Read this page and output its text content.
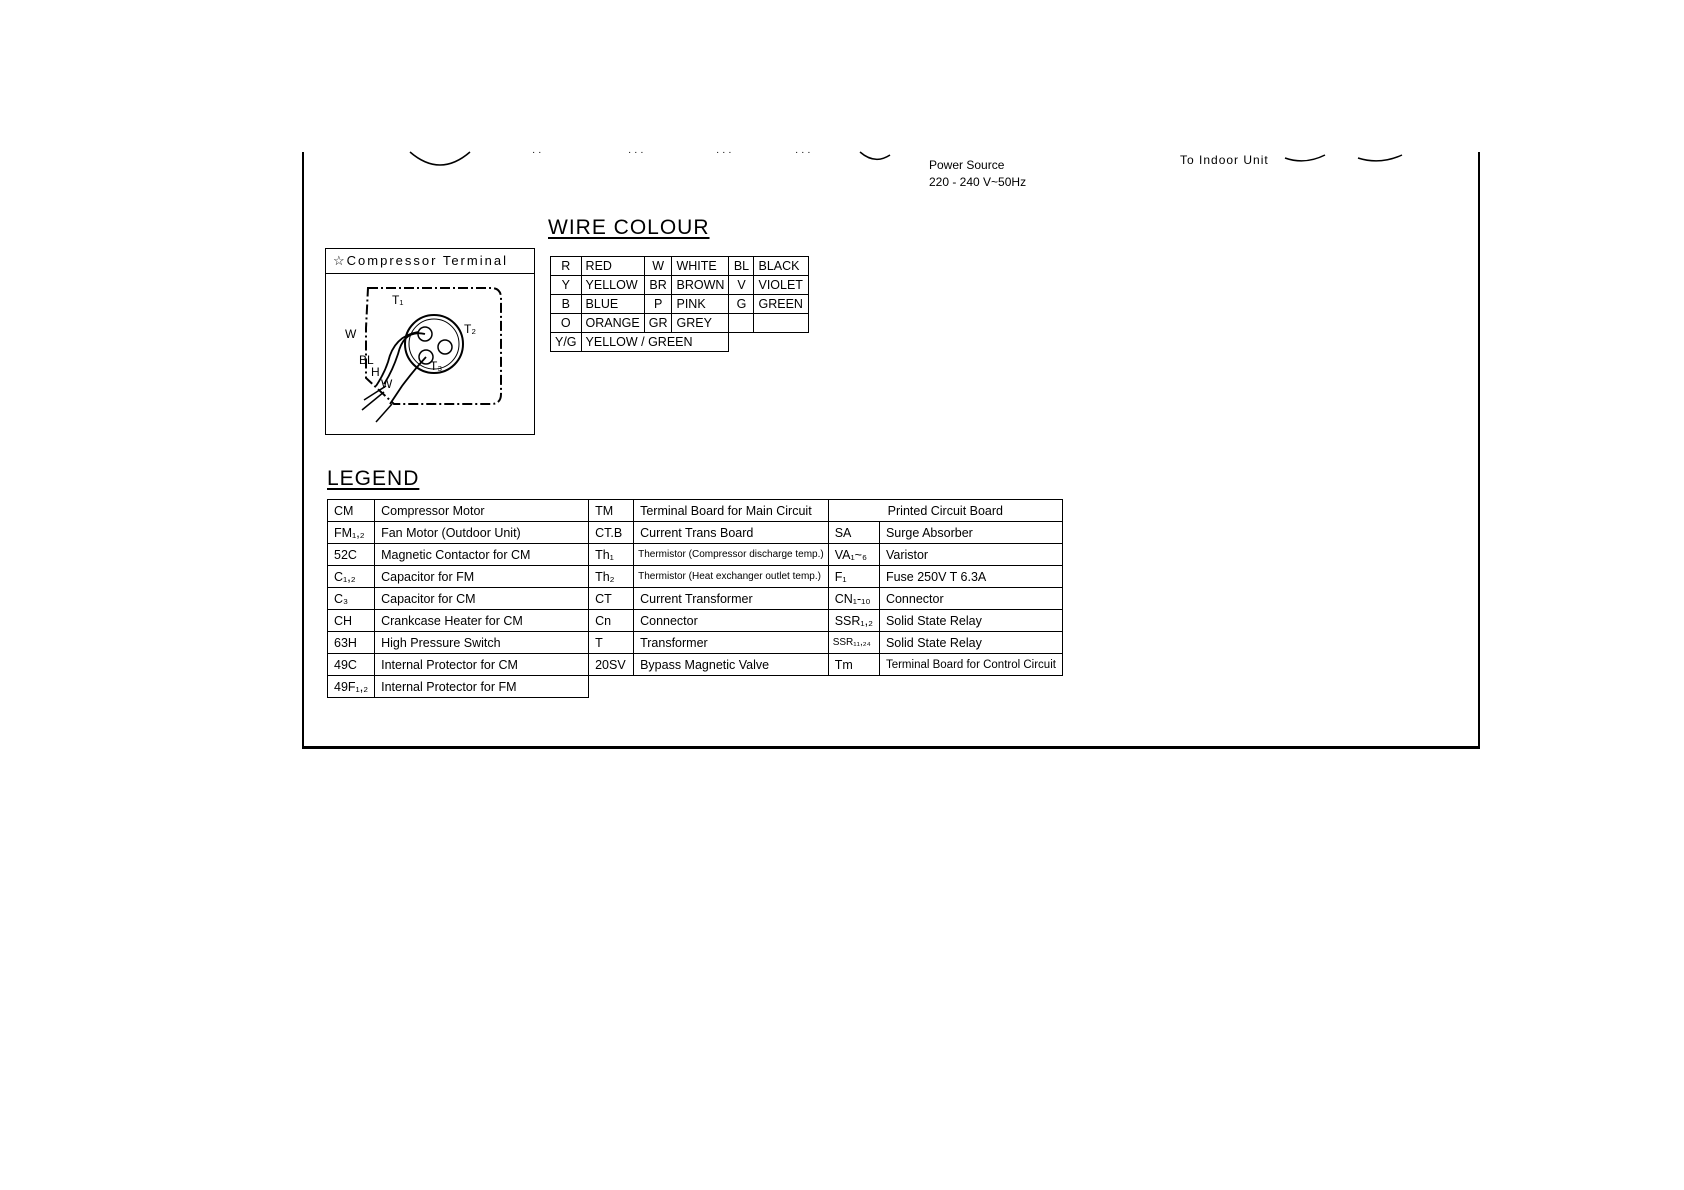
· ·	· · ·	· · ·	· · ·
To Indoor Unit
Power Source
220 - 240 V~50Hz
WIRE COLOUR
R	RED	W	WHITE	BL	BLACK
Y	YELLOW	BR	BROWN	V	VIOLET
B	BLUE	P	PINK	G	GREEN
O	ORANGE	GR	GREY		
Y/G	YELLOW / GREEN				
☆Compressor Terminal
T₁
T₂
T₃
W
BL
H
W
LEGEND
CM	Compressor Motor	TM	Terminal Board for Main Circuit	Printed Circuit Board	
FM₁,₂	Fan Motor (Outdoor Unit)	CT.B	Current Trans Board	SA	Surge Absorber
52C	Magnetic Contactor for CM	Th₁	Thermistor (Compressor discharge temp.)	VA₁~₆	Varistor
C₁,₂	Capacitor for FM	Th₂	Thermistor (Heat exchanger outlet temp.)	F₁	Fuse 250V T 6.3A
C₃	Capacitor for CM	CT	Current Transformer	CN₁-₁₀	Connector
CH	Crankcase Heater for CM	Cn	Connector	SSR₁,₂	Solid State Relay
63H	High Pressure Switch	T	Transformer	SSR₁₁,₂₄	Solid State Relay
49C	Internal Protector for CM	20SV	Bypass Magnetic Valve	Tm	Terminal Board for Control Circuit
49F₁,₂	Internal Protector for FM				
